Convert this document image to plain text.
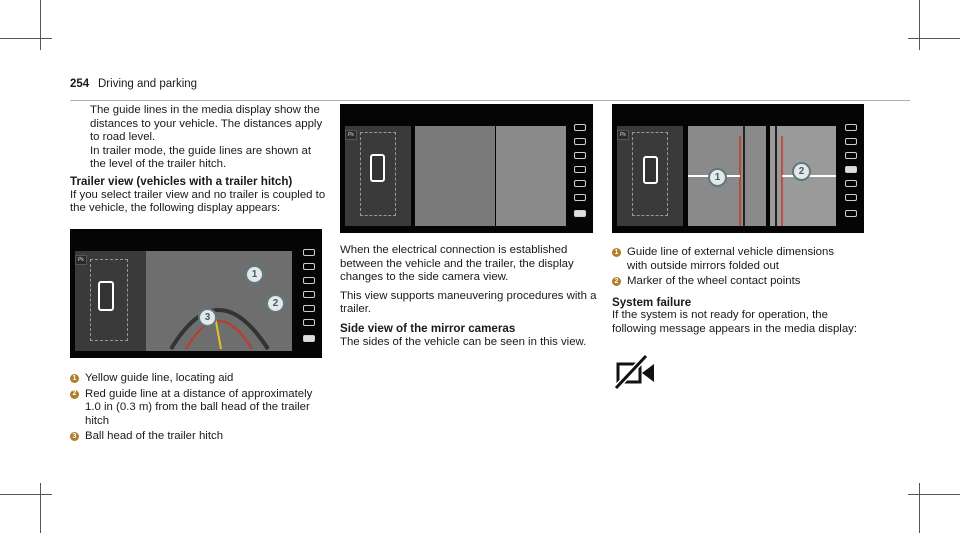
254 Driving and parking

The guide lines in the media display show the distances to your vehicle. The distances apply to road level.

In trailer mode, the guide lines are shown at the level of the trailer hitch.

Trailer view (vehicles with a trailer hitch)

If you select trailer view and no trailer is coupled to the vehicle, the following display appears:

Pk
1
2
3
1 Yellow guide line, locating aid
2 Red guide line at a distance of approximately 1.0 in (0.3 m) from the ball head of the trailer hitch
3 Ball head of the trailer hitch
Pk

When the electrical connection is established between the vehicle and the trailer, the display changes to the side camera view.

This view supports maneuvering procedures with a trailer.

Side view of the mirror cameras

The sides of the vehicle can be seen in this view.

Pk
1
2
1 Guide line of external vehicle dimensions with outside mirrors folded out
2 Marker of the wheel contact points
System failure

If the system is not ready for operation, the following message appears in the media display:
